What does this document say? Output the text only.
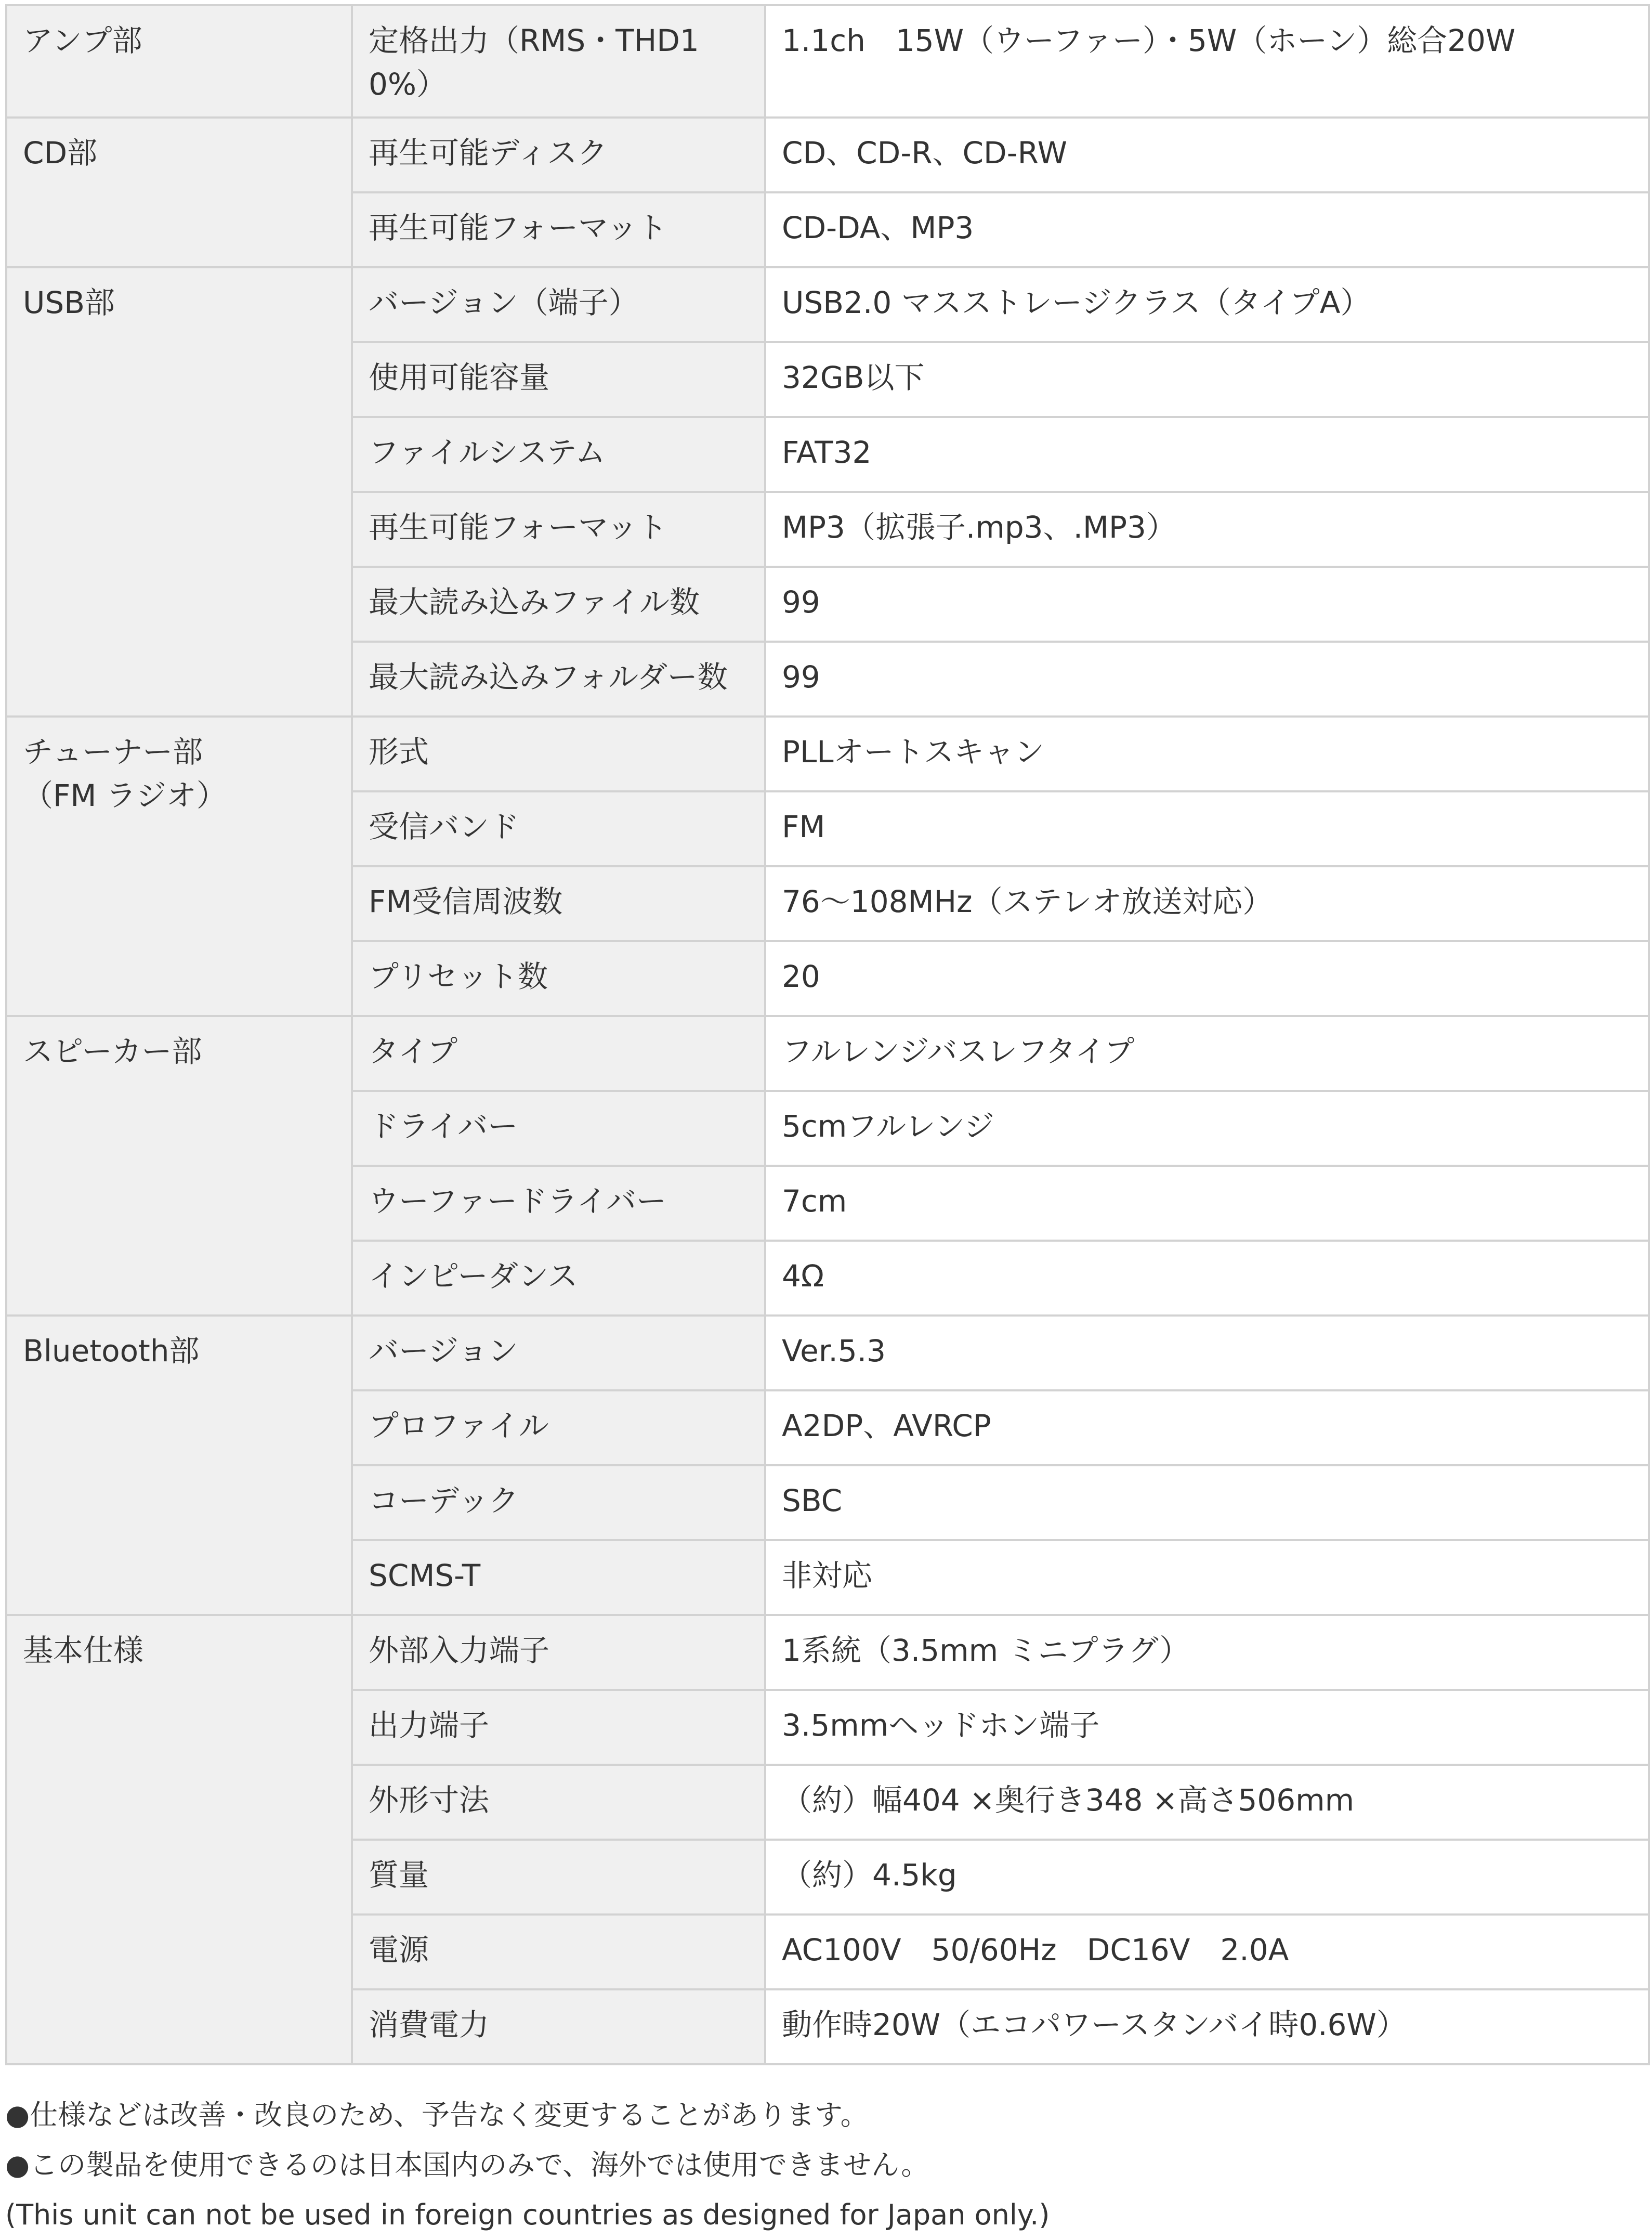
アンプ部	定格出力（RMS・THD10%）	1.1ch　15W（ウーファー）・5W（ホーン）総合20W

CD部	再生可能ディスク	CD、CD-R、CD-RW
	再生可能フォーマット	CD-DA、MP3

USB部	バージョン（端子）	USB2.0 マスストレージクラス（タイプA）
	使用可能容量	32GB以下
	ファイルシステム	FAT32
	再生可能フォーマット	MP3（拡張子.mp3、.MP3）
	最大読み込みファイル数	99
	最大読み込みフォルダー数	99

チューナー部
（FM ラジオ）	形式	PLLオートスキャン
	受信バンド	FM
	FM受信周波数	76〜108MHz（ステレオ放送対応）
	プリセット数	20

スピーカー部	タイプ	フルレンジバスレフタイプ
	ドライバー	5cmフルレンジ
	ウーファードライバー	7cm
	インピーダンス	4Ω

Bluetooth部	バージョン	Ver.5.3
	プロファイル	A2DP、AVRCP
	コーデック	SBC
	SCMS-T	非対応

基本仕様	外部入力端子	1系統（3.5mm ミニプラグ）
	出力端子	3.5mmヘッドホン端子
	外形寸法	（約）幅404 ×奥行き348 ×高さ506mm
	質量	（約）4.5kg
	電源	AC100V　50/60Hz　DC16V　2.0A
	消費電力	動作時20W（エコパワースタンバイ時0.6W）

●仕様などは改善・改良のため、予告なく変更することがあります。

●この製品を使用できるのは日本国内のみで、海外では使用できません。

(This unit can not be used in foreign countries as designed for Japan only.)
